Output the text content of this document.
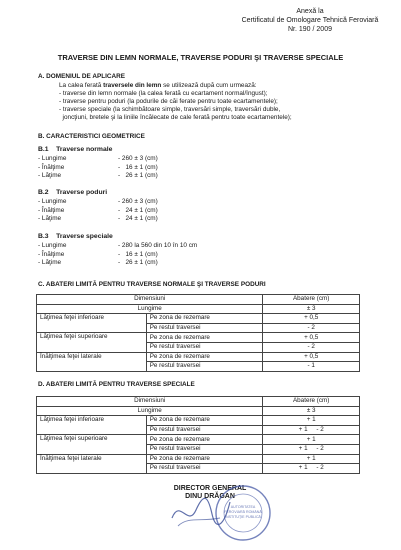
Anexă la
Certificatul de Omologare Tehnică Feroviară
Nr. 190 / 2009
TRAVERSE DIN LEMN NORMALE, TRAVERSE PODURI ŞI TRAVERSE SPECIALE
A. DOMENIUL DE APLICARE
La calea ferată traversele din lemn se utilizează după cum urmează:
- traverse din lemn normale (la calea ferată cu ecartament normal/îngust);
- traverse pentru poduri (la podurile de căi ferate pentru toate ecartamentele);
- traverse speciale (la schimbătoare simple, traversări simple, traversări duble,
joncţiuni, bretele şi la liniile încălecate de cale ferată pentru toate ecartamentele);
B. CARACTERISTICI GEOMETRICE
B.1    Traverse normale
- Lungime	- 260 ± 3 (cm)
- Înălţime	-   16 ± 1 (cm)
- Lăţime	-   26 ± 1 (cm)
B.2    Traverse poduri
- Lungime	- 260 ± 3 (cm)
- Înălţime	-   24 ± 1 (cm)
- Lăţime	-   24 ± 1 (cm)
B.3    Traverse speciale
- Lungime	- 280 la 560 din 10 în 10 cm
- Înălţime	-   16 ± 1 (cm)
- Lăţime	-   26 ± 1 (cm)
C. ABATERI LIMITĂ PENTRU TRAVERSE NORMALE ŞI TRAVERSE PODURI
Dimensiuni		Abatere (cm)
Lungime		± 3
Lăţimea feţei inferioare	Pe zona de rezemare	+ 0,5
	Pe restul traversei	- 2
Lăţimea feţei superioare	Pe zona de rezemare	+ 0,5
	Pe restul traversei	- 2
Înălţimea feţei laterale	Pe zona de rezemare	+ 0,5
	Pe restul traversei	- 1
D. ABATERI LIMITĂ PENTRU TRAVERSE SPECIALE
Dimensiuni		Abatere (cm)
Lungime		± 3
Lăţimea feţei inferioare	Pe zona de rezemare	+ 1
	Pe restul traversei	+ 1     - 2
Lăţimea feţei superioare	Pe zona de rezemare	+ 1
	Pe restul traversei	+ 1     - 2
Înălţimea feţei laterale	Pe zona de rezemare	+ 1
	Pe restul traversei	+ 1     - 2
DIRECTOR GENERAL
DINU DRĂGAN
AUTORITATEA
FEROVIARĂ ROMÂNĂ
INSTITUŢIE PUBLICĂ
